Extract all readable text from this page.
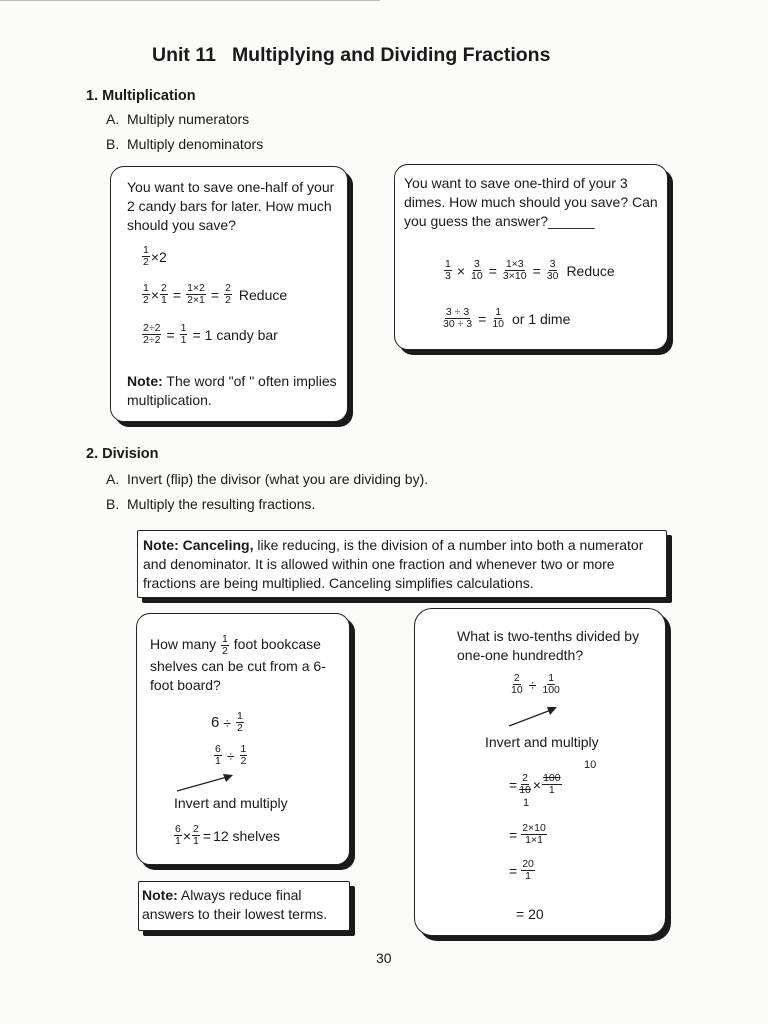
Unit 11 Multiplying and Dividing Fractions
1. Multiplication
A. Multiply numerators
B. Multiply denominators
You want to save one-half of your 2 candy bars for later. How much should you save?
$\frac{1}{2} \times 2$
$\frac{1}{2} \times \frac{2}{1} = \frac{1\times 2}{2\times 1} = \frac{2}{2}$ Reduce
$\frac{2\div 2}{2\div 2} = \frac{1}{1} = 1$ candy bar
Note: The word "of " often implies multiplication.
You want to save one-third of your 3 dimes. How much should you save? Can you guess the answer?______
$\frac{1}{3} \times \frac{3}{10} = \frac{1\times 3}{3\times 10} = \frac{3}{30}$ Reduce
$\frac{3 \div 3}{30 \div 3} = \frac{1}{10}$ or 1 dime
2. Division
A. Invert (flip) the divisor (what you are dividing by).
B. Multiply the resulting fractions.
Note: Canceling, like reducing, is the division of a number into both a numerator and denominator. It is allowed within one fraction and whenever two or more fractions are being multiplied. Canceling simplifies calculations.
How many $\frac{1}{2}$ foot bookcase shelves can be cut from a 6-foot board?
$6 \div \frac{1}{2}$
$\frac{6}{1} \div \frac{1}{2}$
Invert and multiply
$\frac{6}{1} \times \frac{2}{1} = 12$ shelves
Note: Always reduce final answers to their lowest terms.
What is two-tenths divided by one-one hundredth?
$\frac{2}{10} \div \frac{1}{100}$
Invert and multiply
10
= $\frac{2}{10} \times \frac{100}{1}$
1
= $\frac{2\times 10}{1\times 1}$
= $\frac{20}{1}$
= 20
30
